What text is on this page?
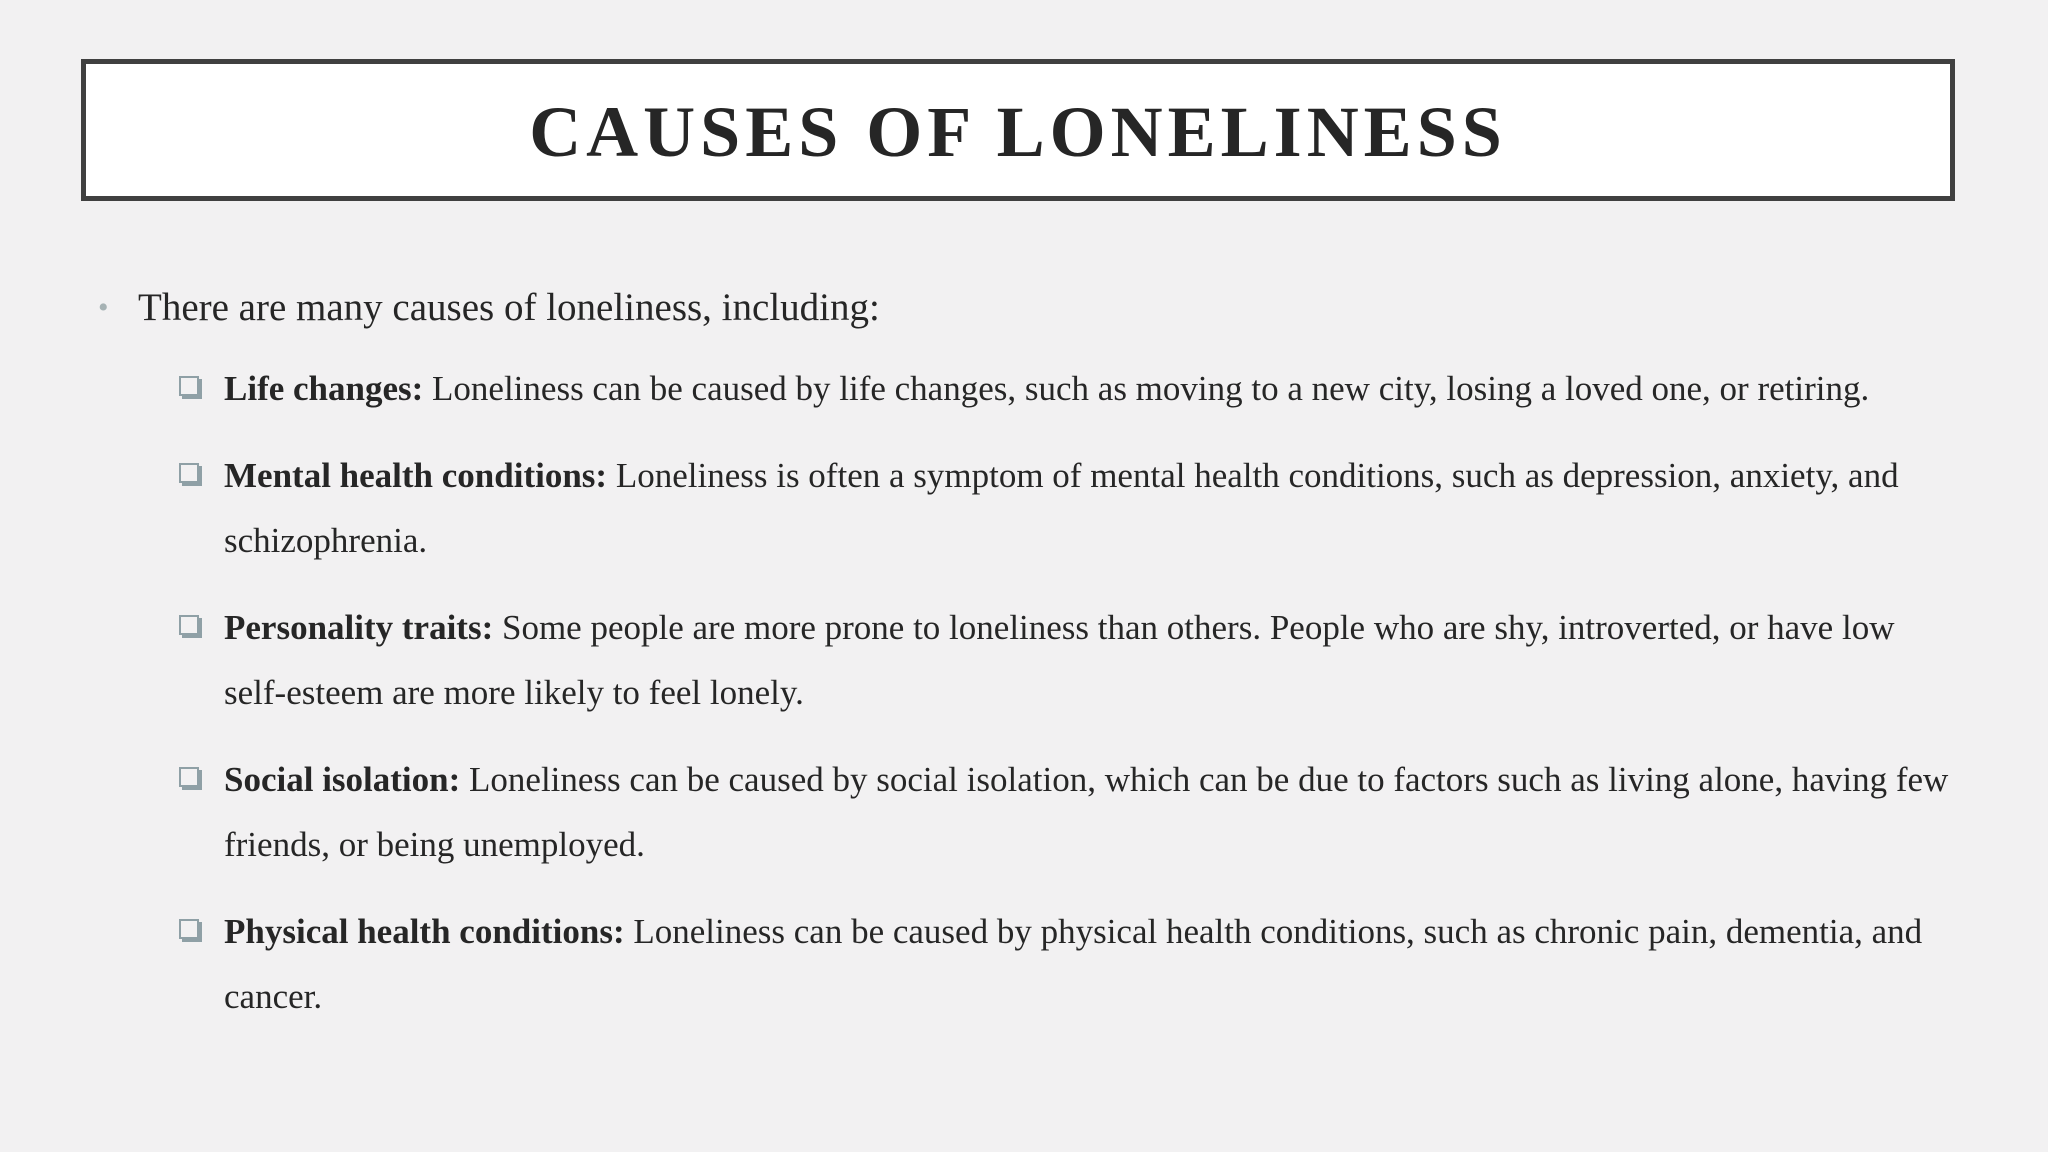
CAUSES OF LONELINESS
• There are many causes of loneliness, including:
Life changes: Loneliness can be caused by life changes, such as moving to a new city, losing a loved one, or retiring.
Mental health conditions: Loneliness is often a symptom of mental health conditions, such as depression, anxiety, and schizophrenia.
Personality traits: Some people are more prone to loneliness than others. People who are shy, introverted, or have low self-esteem are more likely to feel lonely.
Social isolation: Loneliness can be caused by social isolation, which can be due to factors such as living alone, having few friends, or being unemployed.
Physical health conditions: Loneliness can be caused by physical health conditions, such as chronic pain, dementia, and cancer.
